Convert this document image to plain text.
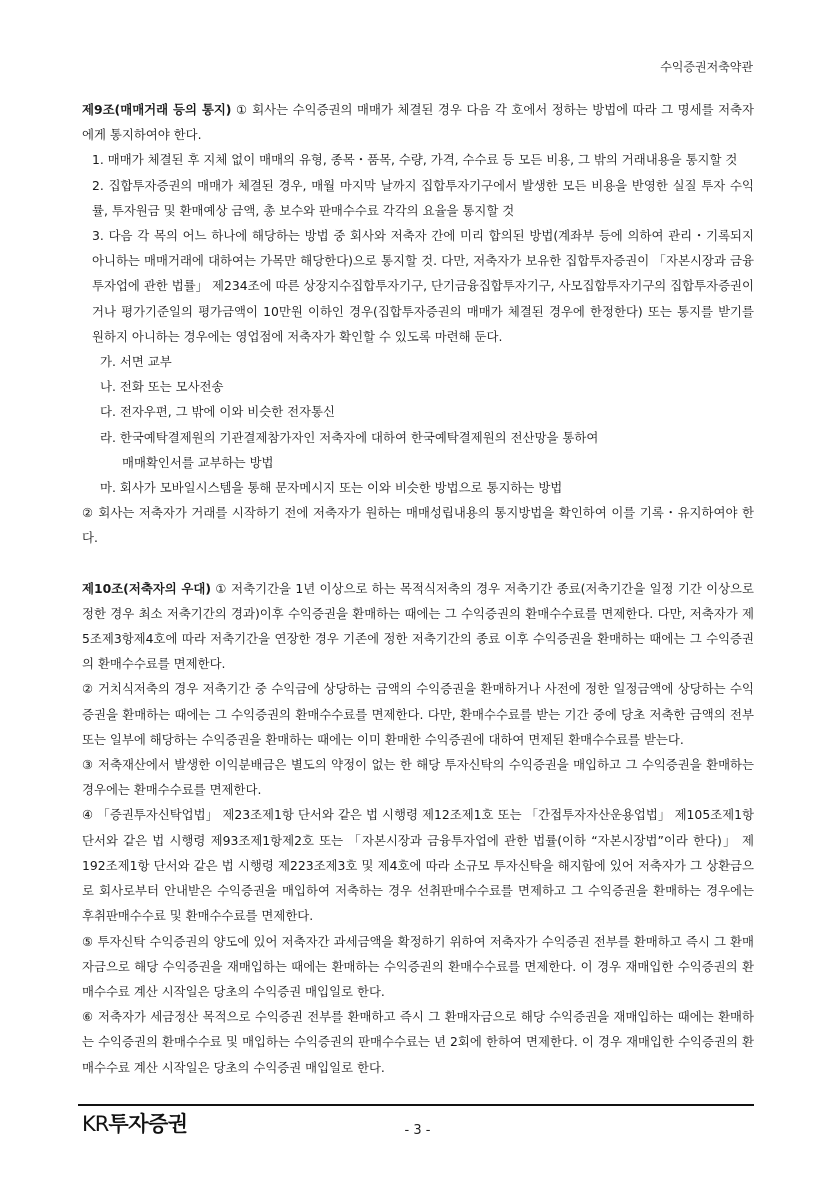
수익증권저축약관

제9조(매매거래 등의 통지) ① 회사는 수익증권의 매매가 체결된 경우 다음 각 호에서 정하는 방법에 따라 그 명세를 저축자에게 통지하여야 한다.

1. 매매가 체결된 후 지체 없이 매매의 유형, 종목・품목, 수량, 가격, 수수료 등 모든 비용, 그 밖의 거래내용을 통지할 것

2. 집합투자증권의 매매가 체결된 경우, 매월 마지막 날까지 집합투자기구에서 발생한 모든 비용을 반영한 실질 투자 수익률, 투자원금 및 환매예상 금액, 총 보수와 판매수수료 각각의 요율을 통지할 것

3. 다음 각 목의 어느 하나에 해당하는 방법 중 회사와 저축자 간에 미리 합의된 방법(계좌부 등에 의하여 관리・기록되지 아니하는 매매거래에 대하여는 가목만 해당한다)으로 통지할 것. 다만, 저축자가 보유한 집합투자증권이 「자본시장과 금융투자업에 관한 법률」 제234조에 따른 상장지수집합투자기구, 단기금융집합투자기구, 사모집합투자기구의 집합투자증권이거나 평가기준일의 평가금액이 10만원 이하인 경우(집합투자증권의 매매가 체결된 경우에 한정한다) 또는 통지를 받기를 원하지 아니하는 경우에는 영업점에 저축자가 확인할 수 있도록 마련해 둔다.

가. 서면 교부

나. 전화 또는 모사전송

다. 전자우편, 그 밖에 이와 비슷한 전자통신

라. 한국예탁결제원의 기관결제참가자인 저축자에 대하여 한국예탁결제원의 전산망을 통하여

매매확인서를 교부하는 방법

마. 회사가 모바일시스템을 통해 문자메시지 또는 이와 비슷한 방법으로 통지하는 방법

② 회사는 저축자가 거래를 시작하기 전에 저축자가 원하는 매매성립내용의 통지방법을 확인하여 이를 기록・유지하여야 한다.

제10조(저축자의 우대) ① 저축기간을 1년 이상으로 하는 목적식저축의 경우 저축기간 종료(저축기간을 일정 기간 이상으로 정한 경우 최소 저축기간의 경과)이후 수익증권을 환매하는 때에는 그 수익증권의 환매수수료를 면제한다. 다만, 저축자가 제5조제3항제4호에 따라 저축기간을 연장한 경우 기존에 정한 저축기간의 종료 이후 수익증권을 환매하는 때에는 그 수익증권의 환매수수료를 면제한다.

② 거치식저축의 경우 저축기간 중 수익금에 상당하는 금액의 수익증권을 환매하거나 사전에 정한 일정금액에 상당하는 수익증권을 환매하는 때에는 그 수익증권의 환매수수료를 면제한다. 다만, 환매수수료를 받는 기간 중에 당초 저축한 금액의 전부 또는 일부에 해당하는 수익증권을 환매하는 때에는 이미 환매한 수익증권에 대하여 면제된 환매수수료를 받는다.

③ 저축재산에서 발생한 이익분배금은 별도의 약정이 없는 한 해당 투자신탁의 수익증권을 매입하고 그 수익증권을 환매하는 경우에는 환매수수료를 면제한다.

④ 「증권투자신탁업법」 제23조제1항 단서와 같은 법 시행령 제12조제1호 또는 「간접투자자산운용업법」 제105조제1항 단서와 같은 법 시행령 제93조제1항제2호 또는 「자본시장과 금융투자업에 관한 법률(이하 “자본시장법”이라 한다)」 제192조제1항 단서와 같은 법 시행령 제223조제3호 및 제4호에 따라 소규모 투자신탁을 해지함에 있어 저축자가 그 상환금으로 회사로부터 안내받은 수익증권을 매입하여 저축하는 경우 선취판매수수료를 면제하고 그 수익증권을 환매하는 경우에는 후취판매수수료 및 환매수수료를 면제한다.

⑤ 투자신탁 수익증권의 양도에 있어 저축자간 과세금액을 확정하기 위하여 저축자가 수익증권 전부를 환매하고 즉시 그 환매자금으로 해당 수익증권을 재매입하는 때에는 환매하는 수익증권의 환매수수료를 면제한다. 이 경우 재매입한 수익증권의 환매수수료 계산 시작일은 당초의 수익증권 매입일로 한다.

⑥ 저축자가 세금정산 목적으로 수익증권 전부를 환매하고 즉시 그 환매자금으로 해당 수익증권을 재매입하는 때에는 환매하는 수익증권의 환매수수료 및 매입하는 수익증권의 판매수수료는 년 2회에 한하여 면제한다. 이 경우 재매입한 수익증권의 환매수수료 계산 시작일은 당초의 수익증권 매입일로 한다.

KR투자증권	- 3 -
